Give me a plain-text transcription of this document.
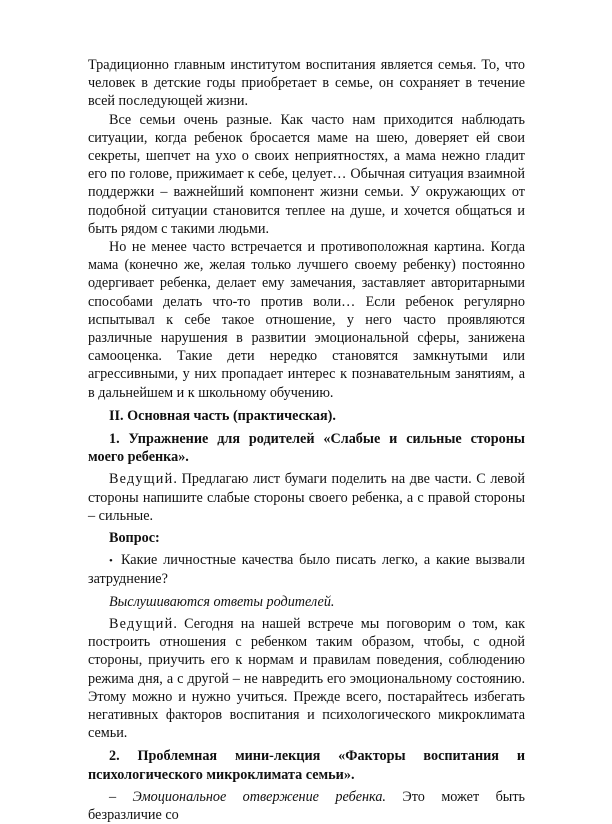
Традиционно главным институтом воспитания является семья. То, что человек в детские годы приобретает в семье, он сохраняет в течение всей последующей жизни.

Все семьи очень разные. Как часто нам приходится наблюдать ситуации, когда ребенок бросается маме на шею, доверяет ей свои секреты, шепчет на ухо о своих неприятностях, а мама нежно гладит его по голове, прижимает к себе, целует… Обычная ситуация взаимной поддержки – важнейший компонент жизни семьи. У окружающих от подобной ситуации становится теплее на душе, и хочется общаться и быть рядом с такими людьми.

Но не менее часто встречается и противоположная картина. Когда мама (конечно же, желая только лучшего своему ребенку) постоянно одергивает ребенка, делает ему замечания, заставляет авторитарными способами делать что-то против воли… Если ребенок регулярно испытывал к себе такое отношение, у него часто проявляются различные нарушения в развитии эмоциональной сферы, занижена самооценка. Такие дети нередко становятся замкнутыми или агрессивными, у них пропадает интерес к познавательным занятиям, а в дальнейшем и к школьному обучению.

II. Основная часть (практическая).

1. Упражнение для родителей «Слабые и сильные стороны моего ребенка».

Ведущий. Предлагаю лист бумаги поделить на две части. С левой стороны напишите слабые стороны своего ребенка, а с правой стороны – сильные.

Вопрос:

• Какие личностные качества было писать легко, а какие вызвали затруднение?

Выслушиваются ответы родителей.

Ведущий. Сегодня на нашей встрече мы поговорим о том, как построить отношения с ребенком таким образом, чтобы, с одной стороны, приучить его к нормам и правилам поведения, соблюдению режима дня, а с другой – не навредить его эмоциональному состоянию. Этому можно и нужно учиться. Прежде всего, постарайтесь избегать негативных факторов воспитания и психологического микроклимата семьи.

2. Проблемная мини-лекция «Факторы воспитания и психологического микроклимата семьи».

– Эмоциональное отвержение ребенка. Это может быть безразличие со
